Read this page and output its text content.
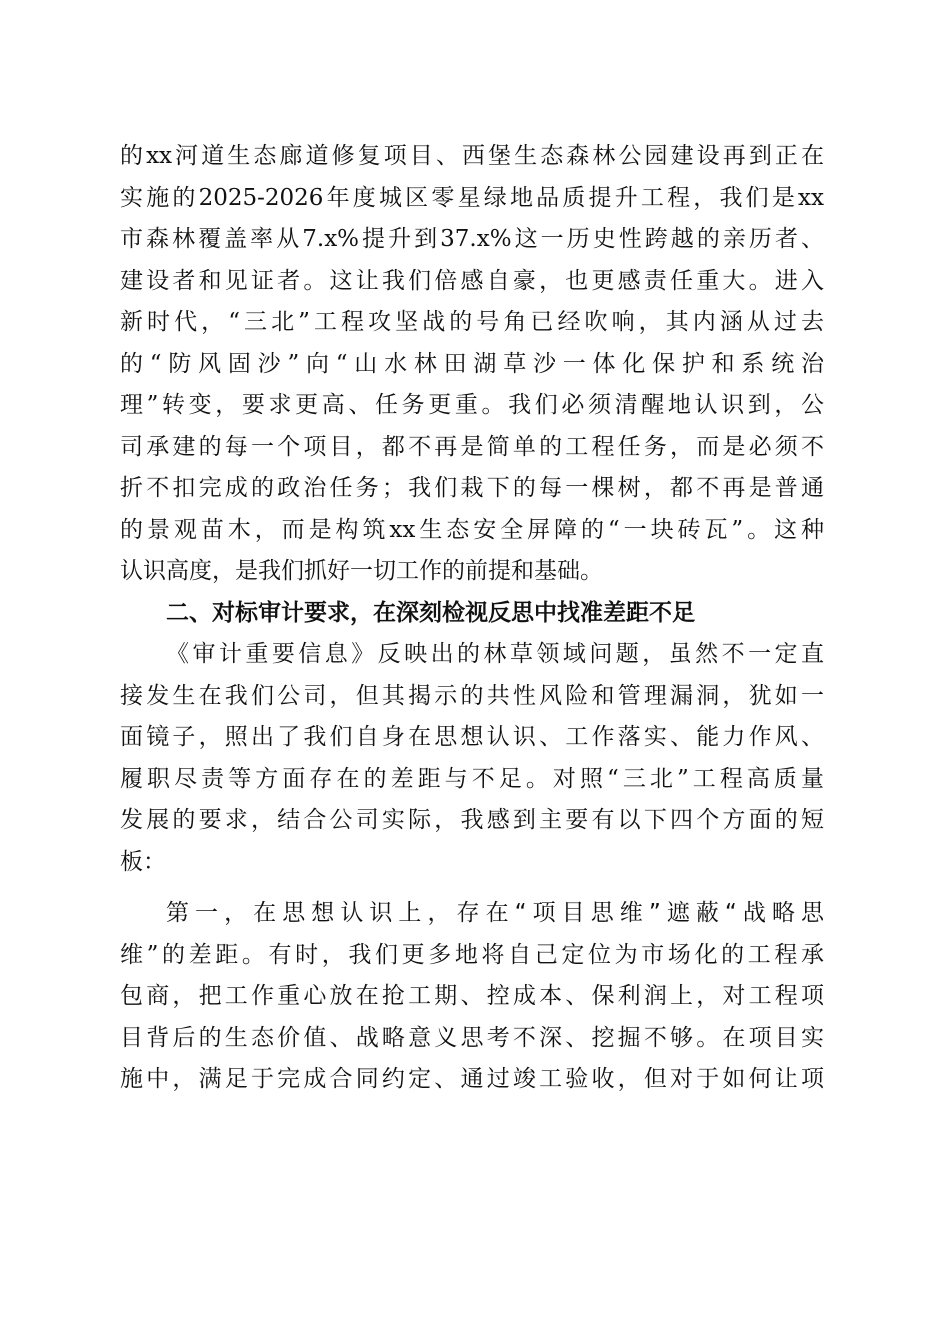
的xx河道生态廊道修复项目、西堡生态森林公园建设再到正在
实施的2025-2026年度城区零星绿地品质提升工程，我们是xx
市森林覆盖率从7.x%提升到37.x%这一历史性跨越的亲历者、
建设者和见证者。这让我们倍感自豪，也更感责任重大。进入
新时代，“三北”工程攻坚战的号角已经吹响，其内涵从过去
的“防风固沙”向“山水林田湖草沙一体化保护和系统治
理”转变，要求更高、任务更重。我们必须清醒地认识到，公
司承建的每一个项目，都不再是简单的工程任务，而是必须不
折不扣完成的政治任务；我们栽下的每一棵树，都不再是普通
的景观苗木，而是构筑xx生态安全屏障的“一块砖瓦”。这种
认识高度，是我们抓好一切工作的前提和基础。
二、对标审计要求，在深刻检视反思中找准差距不足
《审计重要信息》反映出的林草领域问题，虽然不一定直
接发生在我们公司，但其揭示的共性风险和管理漏洞，犹如一
面镜子，照出了我们自身在思想认识、工作落实、能力作风、
履职尽责等方面存在的差距与不足。对照“三北”工程高质量
发展的要求，结合公司实际，我感到主要有以下四个方面的短
板：
第一，在思想认识上，存在“项目思维”遮蔽“战略思
维”的差距。有时，我们更多地将自己定位为市场化的工程承
包商，把工作重心放在抢工期、控成本、保利润上，对工程项
目背后的生态价值、战略意义思考不深、挖掘不够。在项目实
施中，满足于完成合同约定、通过竣工验收，但对于如何让项
